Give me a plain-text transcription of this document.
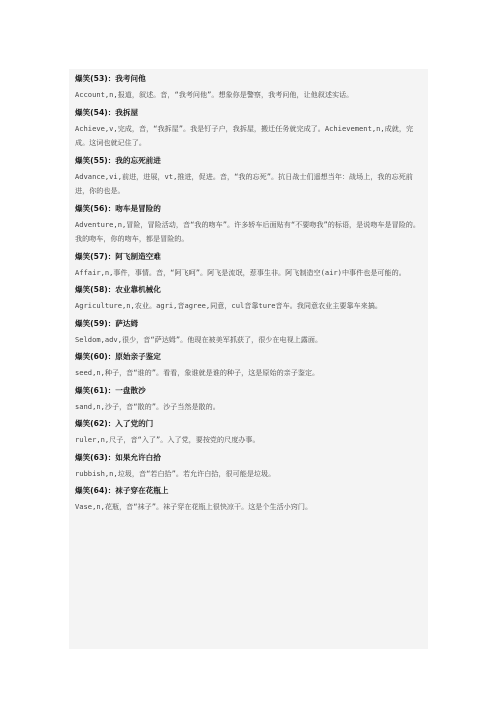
爆笑(53)：我考问他

Account,n,报道，叙述。音，“我考问他”。想象你是警察，我考问他，让他叙述实话。

爆笑(54)：我拆屋

Achieve,v,完成，音，“我拆屋”。我是钉子户，我拆屋，搬迁任务就完成了。Achievement,n,成就，完成。这词也就记住了。

爆笑(55)：我的忘死前进

Advance,vi,前进，进展，vt,推进，促进。音，“我的忘死”。抗日战士们遥想当年：战场上，我的忘死前进，你的也是。

爆笑(56)：吻车是冒险的

Adventure,n,冒险，冒险活动，音“我的吻车”。许多轿车后面贴有“不要吻我”的标语，是说吻车是冒险的。我的吻车，你的吻车，都是冒险的。

爆笑(57)：阿飞制造空难

Affair,n,事件，事情。音，“阿飞呵”。阿飞是流氓，惹事生非。阿飞制造空(air)中事件也是可能的。

爆笑(58)：农业靠机械化

Agriculture,n,农业。agri,音agree,同意，cul音靠ture音车。我同意农业主要靠车来搞。

爆笑(59)：萨达姆

Seldom,adv,很少，音“萨达姆”。他现在被美军抓获了，很少在电视上露面。

爆笑(60)：原始亲子鉴定

seed,n,种子，音“谁的”。看看，象谁就是谁的种子，这是原始的亲子鉴定。

爆笑(61)：一盘散沙

sand,n,沙子，音“散的”。沙子当然是散的。

爆笑(62)：入了党的门

ruler,n,尺子，音“入了”。入了党，要按党的尺度办事。

爆笑(63)：如果允许白拾

rubbish,n,垃圾，音“若白拾”。若允许白拾，很可能是垃圾。

爆笑(64)：袜子穿在花瓶上

Vase,n,花瓶，音“袜子”。袜子穿在花瓶上很快凉干。这是个生活小窍门。
